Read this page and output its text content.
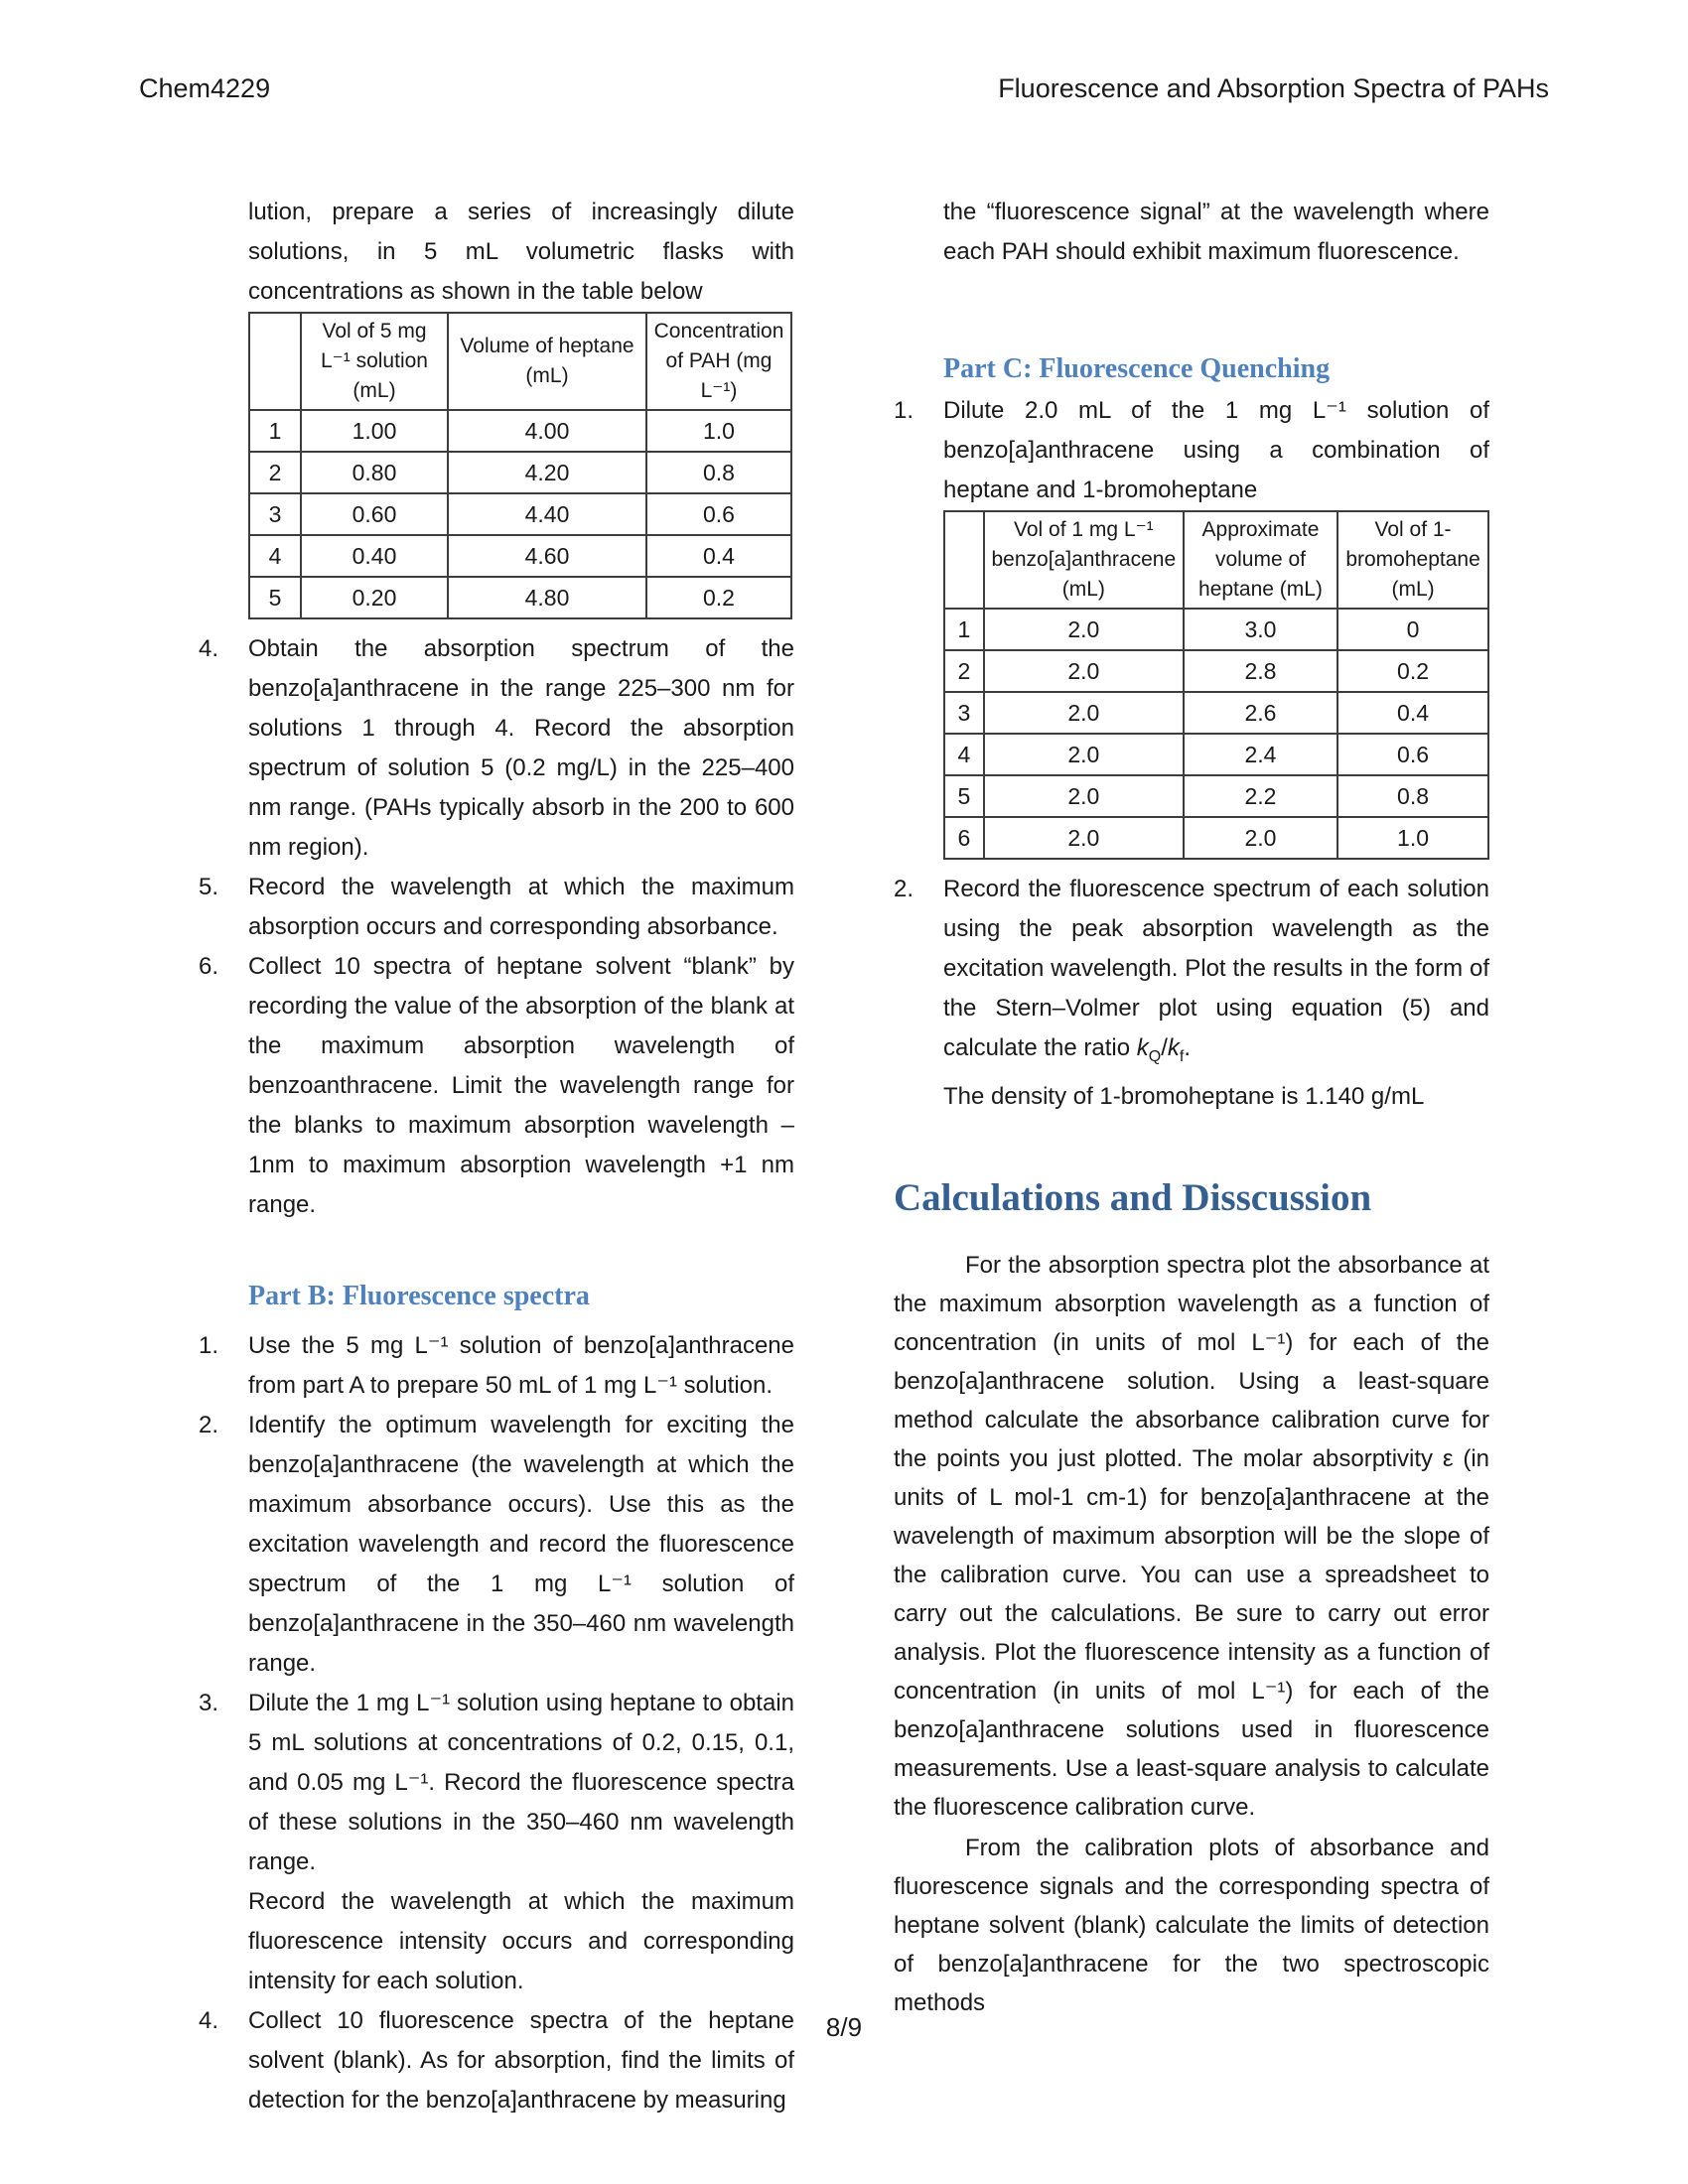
Chem4229	Fluorescence and Absorption Spectra of PAHs

lution, prepare a series of increasingly dilute solutions, in 5 mL volumetric flasks with concentrations as shown in the table below

	Vol of 5 mg L⁻¹ solution (mL)	Volume of heptane (mL)	Concentration of PAH (mg L⁻¹)
1	1.00	4.00	1.0
2	0.80	4.20	0.8
3	0.60	4.40	0.6
4	0.40	4.60	0.4
5	0.20	4.80	0.2
4.	Obtain the absorption spectrum of the benzo[a]anthracene in the range 225–300 nm for solutions 1 through 4. Record the absorption spectrum of solution 5 (0.2 mg/L) in the 225–400 nm range. (PAHs typically absorb in the 200 to 600 nm region).
5.	Record the wavelength at which the maximum absorption occurs and corresponding absorbance.
6.	Collect 10 spectra of heptane solvent “blank” by recording the value of the absorption of the blank at the maximum absorption wavelength of benzoanthracene. Limit the wavelength range for the blanks to maximum absorption wavelength – 1nm to maximum absorption wavelength +1 nm range.
Part B: Fluorescence spectra
1.	Use the 5 mg L⁻¹ solution of benzo[a]anthracene from part A to prepare 50 mL of 1 mg L⁻¹ solution.
2.	Identify the optimum wavelength for exciting the benzo[a]anthracene (the wavelength at which the maximum absorbance occurs). Use this as the excitation wavelength and record the fluorescence spectrum of the 1 mg L⁻¹ solution of benzo[a]anthracene in the 350–460 nm wavelength range.
3.	Dilute the 1 mg L⁻¹ solution using heptane to obtain 5 mL solutions at concentrations of 0.2, 0.15, 0.1, and 0.05 mg L⁻¹. Record the fluorescence spectra of these solutions in the 350–460 nm wavelength range.
Record the wavelength at which the maximum fluorescence intensity occurs and corresponding intensity for each solution.
4.	Collect 10 fluorescence spectra of the heptane solvent (blank). As for absorption, find the limits of detection for the benzo[a]anthracene by measuring

the “fluorescence signal” at the wavelength where each PAH should exhibit maximum fluorescence.

Part C: Fluorescence Quenching
1.	Dilute 2.0 mL of the 1 mg L⁻¹ solution of benzo[a]anthracene using a combination of heptane and 1-bromoheptane
	Vol of 1 mg L⁻¹ benzo[a]anthracene (mL)	Approximate volume of heptane (mL)	Vol of 1-bromoheptane (mL)
1	2.0	3.0	0
2	2.0	2.8	0.2
3	2.0	2.6	0.4
4	2.0	2.4	0.6
5	2.0	2.2	0.8
6	2.0	2.0	1.0
2.	Record the fluorescence spectrum of each solution using the peak absorption wavelength as the excitation wavelength. Plot the results in the form of the Stern–Volmer plot using equation (5) and calculate the ratio $k_Q/k_f$.
The density of 1-bromoheptane is 1.140 g/mL
Calculations and Disscussion

For the absorption spectra plot the absorbance at the maximum absorption wavelength as a function of concentration (in units of mol L⁻¹) for each of the benzo[a]anthracene solution. Using a least-square method calculate the absorbance calibration curve for the points you just plotted. The molar absorptivity ε (in units of L mol-1 cm-1) for benzo[a]anthracene at the wavelength of maximum absorption will be the slope of the calibration curve. You can use a spreadsheet to carry out the calculations. Be sure to carry out error analysis. Plot the fluorescence intensity as a function of concentration (in units of mol L⁻¹) for each of the benzo[a]anthracene solutions used in fluorescence measurements. Use a least-square analysis to calculate the fluorescence calibration curve.

From the calibration plots of absorbance and fluorescence signals and the corresponding spectra of heptane solvent (blank) calculate the limits of detection of benzo[a]anthracene for the two spectroscopic methods

8/9
